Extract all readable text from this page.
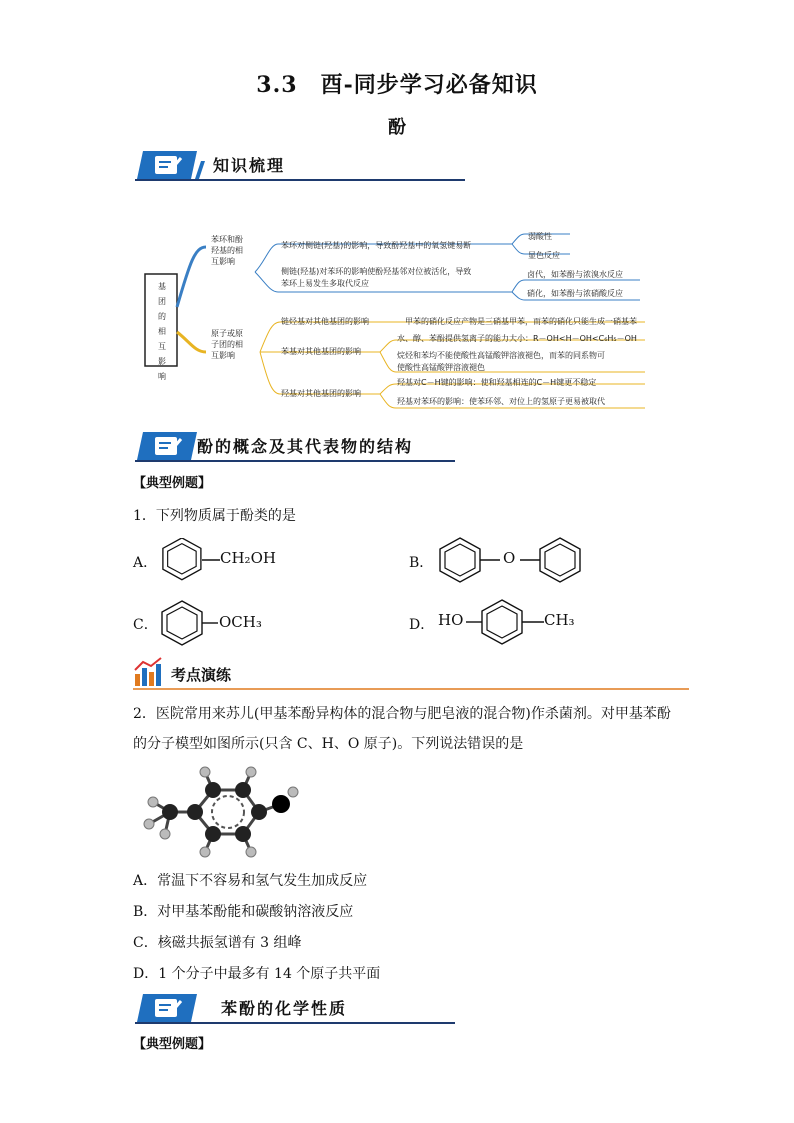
3.3　酉-同步学习必备知识
酚
知识梳理
基
团
的
相
互
影
响
苯环和酚
羟基的相
互影响
苯环对侧链(羟基)的影响，导致酚羟基中的氧氢键易断
弱酸性
显色反应
侧链(羟基)对苯环的影响使酚羟基邻对位被活化，导致
苯环上易发生多取代反应
卤代，如苯酚与浓溴水反应
硝化，如苯酚与浓硝酸反应
原子或原
子团的相
互影响
链烃基对其他基团的影响	甲苯的硝化反应产物是三硝基甲苯，而苯的硝化只能生成一硝基苯
苯基对其他基团的影响
水、醇、苯酚提供氢离子的能力大小：R－OH<H－OH<C₆H₅－OH
烷烃和苯均不能使酸性高锰酸钾溶液褪色，而苯的同系物可
使酸性高锰酸钾溶液褪色
羟基对其他基团的影响
羟基对C－H键的影响：使和羟基相连的C－H键更不稳定
羟基对苯环的影响：使苯环邻、对位上的氢原子更易被取代
酚的概念及其代表物的结构
【典型例题】
1．下列物质属于酚类的是
A．	CH₂OH	B．	O
C．	OCH₃	D． HO	CH₃
考点演练
2．医院常用来苏儿(甲基苯酚异构体的混合物与肥皂液的混合物)作杀菌剂。对甲基苯酚
的分子模型如图所示(只含 C、H、O 原子)。下列说法错误的是
A．常温下不容易和氢气发生加成反应
B．对甲基苯酚能和碳酸钠溶液反应
C．核磁共振氢谱有 3 组峰
D．1 个分子中最多有 14 个原子共平面
苯酚的化学性质
【典型例题】
